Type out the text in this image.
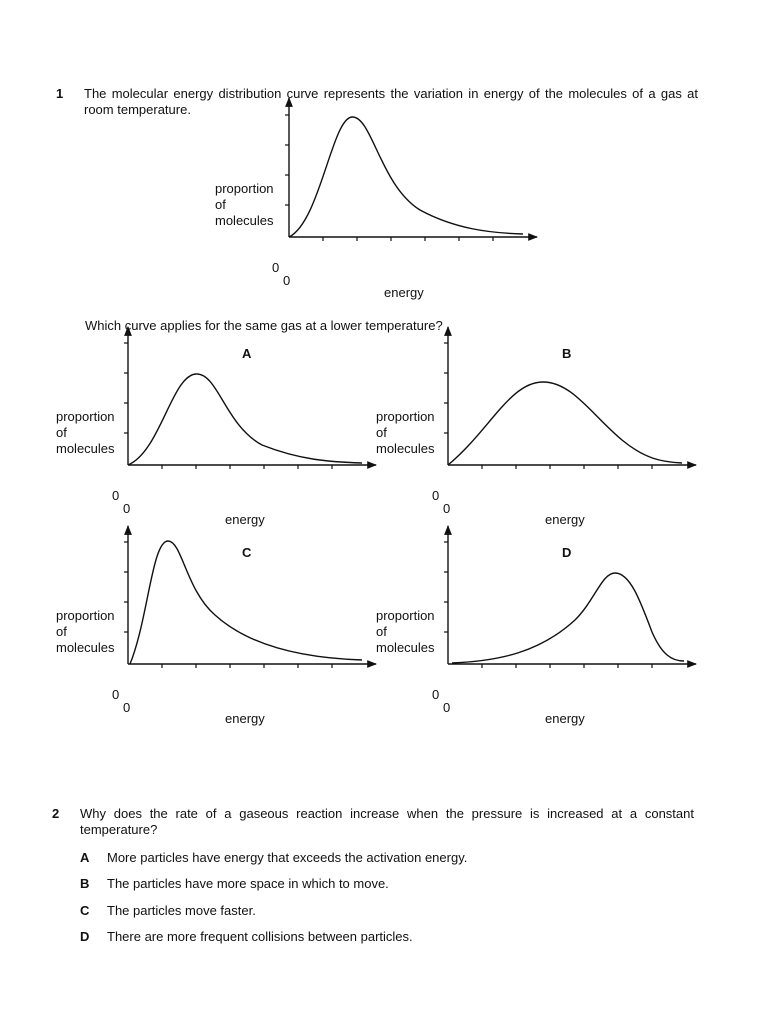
1 The molecular energy distribution curve represents the variation in energy of the molecules of a gas at room temperature.
proportion
of
molecules
Which curve applies for the same gas at a lower temperature?
proportion
of
molecules
proportion
of
molecules
proportion
of
molecules
proportion
of
molecules
0
0
energy
A
0
0
energy
B
0
0
energy
C
0
0
energy
D
0
0
energy
2 Why does the rate of a gaseous reaction increase when the pressure is increased at a constant temperature?
A More particles have energy that exceeds the activation energy.
B The particles have more space in which to move.
C The particles move faster.
D There are more frequent collisions between particles.
